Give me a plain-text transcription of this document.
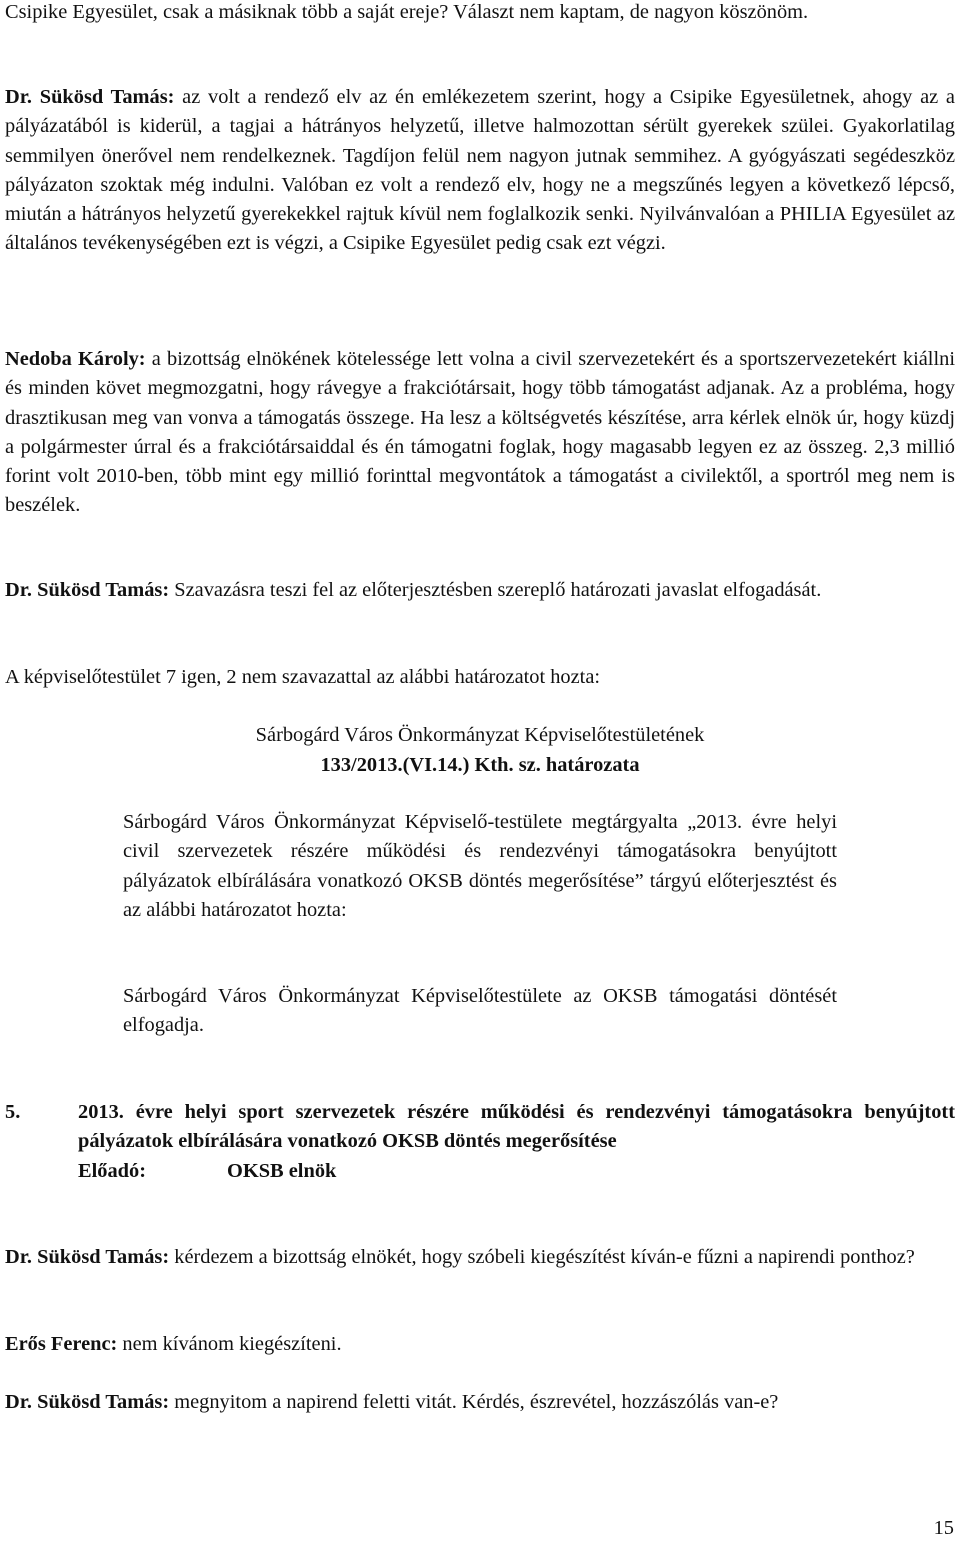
Csipike Egyesület, csak a másiknak több a saját ereje? Választ nem kaptam, de nagyon köszönöm.

Dr. Sükösd Tamás: az volt a rendező elv az én emlékezetem szerint, hogy a Csipike Egyesületnek, ahogy az a pályázatából is kiderül, a tagjai a hátrányos helyzetű, illetve halmozottan sérült gyerekek szülei. Gyakorlatilag semmilyen önerővel nem rendelkeznek. Tagdíjon felül nem nagyon jutnak semmihez. A gyógyászati segédeszköz pályázaton szoktak még indulni. Valóban ez volt a rendező elv, hogy ne a megszűnés legyen a következő lépcső, miután a hátrányos helyzetű gyerekekkel rajtuk kívül nem foglalkozik senki. Nyilvánvalóan a PHILIA Egyesület az általános tevékenységében ezt is végzi, a Csipike Egyesület pedig csak ezt végzi.

Nedoba Károly: a bizottság elnökének kötelessége lett volna a civil szervezetekért és a sportszervezetekért kiállni és minden követ megmozgatni, hogy rávegye a frakciótársait, hogy több támogatást adjanak. Az a probléma, hogy drasztikusan meg van vonva a támogatás összege. Ha lesz a költségvetés készítése, arra kérlek elnök úr, hogy küzdj a polgármester úrral és a frakciótársaiddal és én támogatni foglak, hogy magasabb legyen ez az összeg. 2,3 millió forint volt 2010-ben, több mint egy millió forinttal megvontátok a támogatást a civilektől, a sportról meg nem is beszélek.

Dr. Sükösd Tamás: Szavazásra teszi fel az előterjesztésben szereplő határozati javaslat elfogadását.

A képviselőtestület 7 igen, 2 nem szavazattal az alábbi határozatot hozta:

Sárbogárd Város Önkormányzat Képviselőtestületének

133/2013.(VI.14.) Kth. sz. határozata

Sárbogárd Város Önkormányzat Képviselő-testülete megtárgyalta „2013. évre helyi civil szervezetek részére működési és rendezvényi támogatásokra benyújtott pályázatok elbírálására vonatkozó OKSB döntés megerősítése” tárgyú előterjesztést és az alábbi határozatot hozta:

Sárbogárd Város Önkormányzat Képviselőtestülete az OKSB támogatási döntését elfogadja.

5.	2013. évre helyi sport szervezetek részére működési és rendezvényi támogatásokra benyújtott pályázatok elbírálására vonatkozó OKSB döntés megerősítése

Előadó:	OKSB elnök

Dr. Sükösd Tamás: kérdezem a bizottság elnökét, hogy szóbeli kiegészítést kíván-e fűzni a napirendi ponthoz?

Erős Ferenc: nem kívánom kiegészíteni.

Dr. Sükösd Tamás: megnyitom a napirend feletti vitát. Kérdés, észrevétel, hozzászólás van-e?

15
